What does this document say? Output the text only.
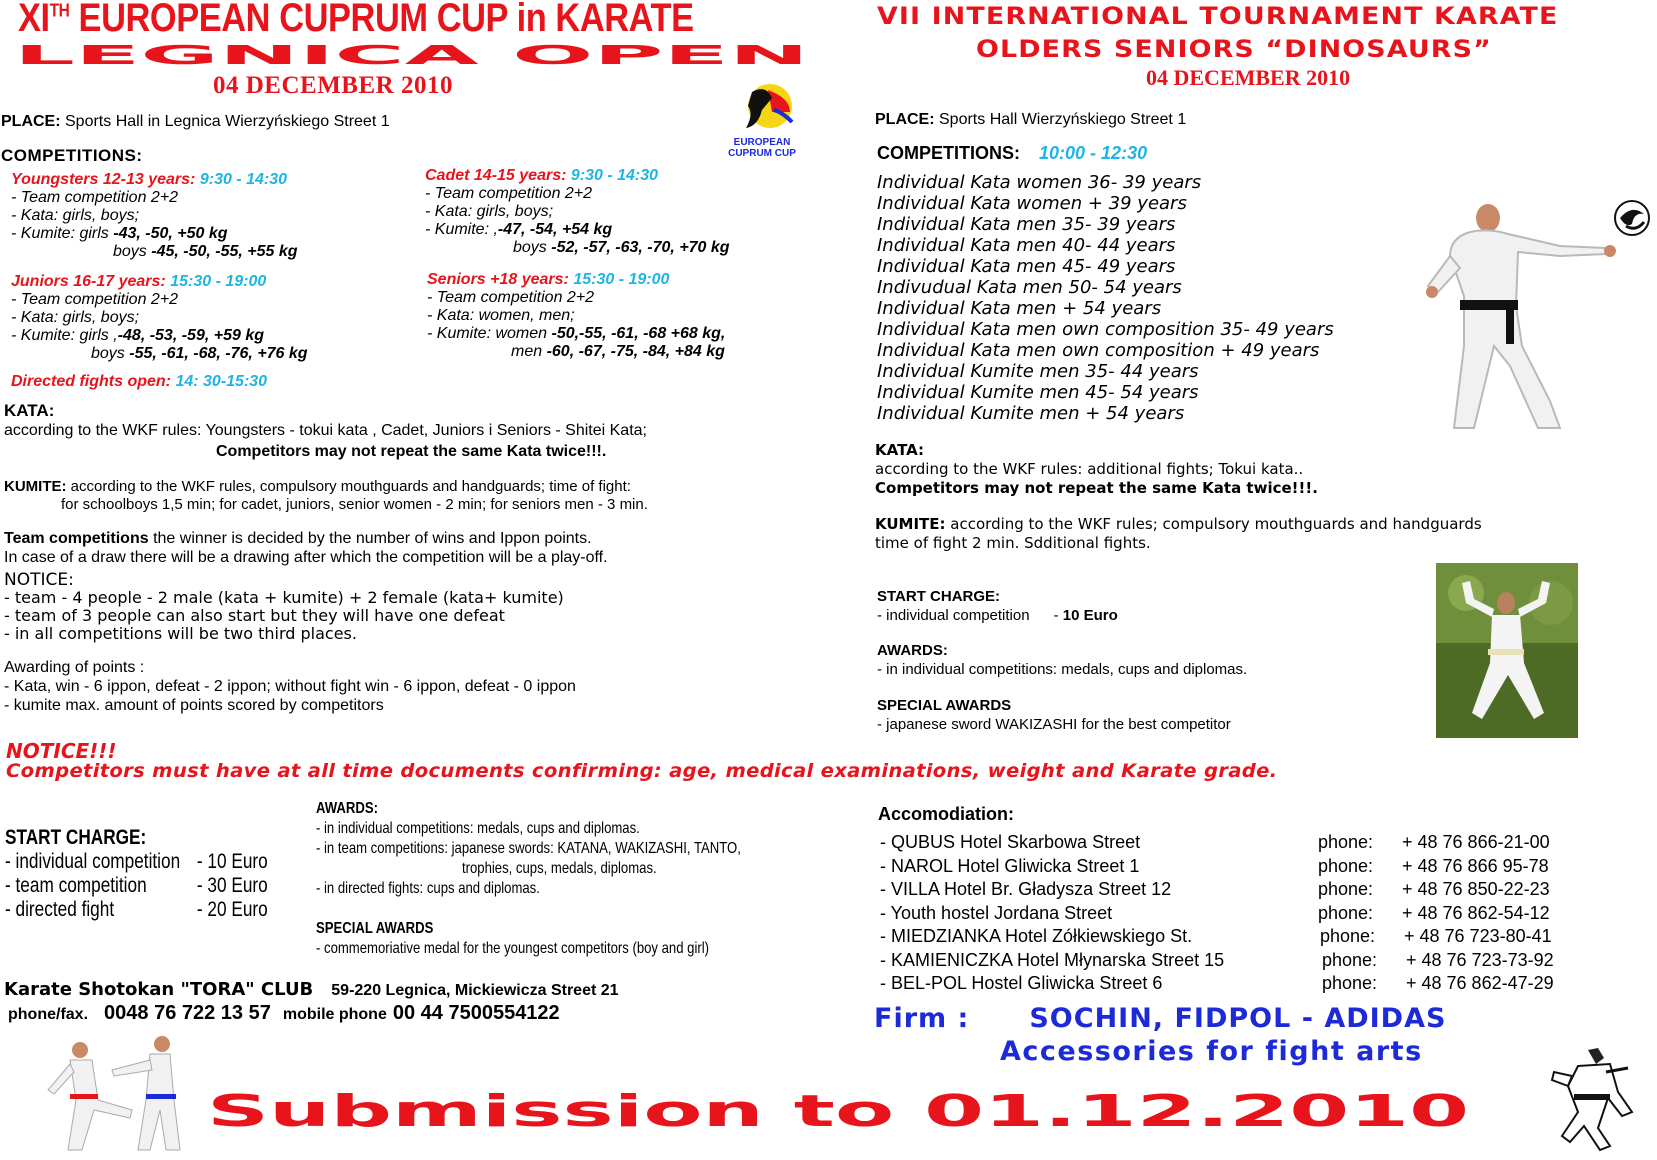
XITH EUROPEAN CUPRUM CUP in KARATE
LEGNICA OPEN
04 DECEMBER 2010
EUROPEAN
CUPRUM CUP
PLACE: Sports Hall in Legnica Wierzyńskiego Street 1
COMPETITIONS:
Youngsters 12-13 years: 9:30 - 14:30
- Team competition 2+2
- Kata: girls, boys;
- Kumite: girls -43, -50, +50 kg
boys -45, -50, -55, +55 kg
Cadet 14-15 years: 9:30 - 14:30
- Team competition 2+2
- Kata: girls, boys;
- Kumite: ,-47, -54, +54 kg
boys -52, -57, -63, -70, +70 kg
Juniors 16-17 years: 15:30 - 19:00
- Team competition 2+2
- Kata: girls, boys;
- Kumite: girls ,-48, -53, -59, +59 kg
boys -55, -61, -68, -76, +76 kg
Seniors +18 years: 15:30 - 19:00
- Team competition 2+2
- Kata: women, men;
- Kumite: women -50,-55, -61, -68 +68 kg,
men -60, -67, -75, -84, +84 kg
Directed fights open: 14: 30-15:30
KATA:
according to the WKF rules: Youngsters - tokui kata , Cadet, Juniors i Seniors - Shitei Kata;
Competitors may not repeat the same Kata twice!!!.
KUMITE: according to the WKF rules, compulsory mouthguards and handguards; time of fight:
for schoolboys 1,5 min; for cadet, juniors, senior women - 2 min; for seniors men - 3 min.
Team competitions the winner is decided by the number of wins and Ippon points.
In case of a draw there will be a drawing after which the competition will be a play-off.
NOTICE:
- team - 4 people - 2 male (kata + kumite) + 2 female (kata+ kumite)
- team of 3 people can also start but they will have one defeat
- in all competitions will be two third places.
Awarding of points :
- Kata, win - 6 ippon, defeat - 2 ippon; without fight win - 6 ippon, defeat - 0 ippon
- kumite max. amount of points scored by competitors
VII INTERNATIONAL TOURNAMENT KARATE
OLDERS SENIORS “DINOSAURS”
04 DECEMBER 2010
PLACE: Sports Hall Wierzyńskiego Street 1
COMPETITIONS: 10:00 - 12:30
Individual Kata women 36- 39 years
Individual Kata women + 39 years
Individual Kata men 35- 39 years
Individual Kata men 40- 44 years
Individual Kata men 45- 49 years
Indivudual Kata men 50- 54 years
Individual Kata men + 54 years
Individual Kata men own composition 35- 49 years
Individual Kata men own composition + 49 years
Individual Kumite men 35- 44 years
Individual Kumite men 45- 54 years
Individual Kumite men + 54 years
KATA:
according to the WKF rules: additional fights; Tokui kata..
Competitors may not repeat the same Kata twice!!!.
KUMITE: according to the WKF rules; compulsory mouthguards and handguards
time of fight 2 min. Sdditional fights.
START CHARGE:
- individual competition - 10 Euro
AWARDS:
- in individual competitions: medals, cups and diplomas.
SPECIAL AWARDS
- japanese sword WAKIZASHI for the best competitor
NOTICE!!!
Competitors must have at all time documents confirming: age, medical examinations, weight and Karate grade.
START CHARGE:
- individual competition - 10 Euro
- team competition	- 30 Euro
- directed fight	- 20 Euro
AWARDS:
- in individual competitions: medals, cups and diplomas.
- in team competitions: japanese swords: KATANA, WAKIZASHI, TANTO,
trophies, cups, medals, diplomas.
- in directed fights: cups and diplomas.
SPECIAL AWARDS
- commemoriative medal for the youngest competitors (boy and girl)
Karate Shotokan "TORA" CLUB 59-220 Legnica, Mickiewicza Street 21
phone/fax. 0048 76 722 13 57 mobile phone 00 44 7500554122
Accomodiation:
- QUBUS Hotel Skarbowa Street	phone:	+ 48 76 866-21-00
- NAROL Hotel Gliwicka Street 1	phone:	+ 48 76 866 95-78
- VILLA Hotel Br. Gładysza Street 12	phone:	+ 48 76 850-22-23
- Youth hostel Jordana Street	phone:	+ 48 76 862-54-12
- MIEDZIANKA Hotel Zółkiewskiego St.	phone:	+ 48 76 723-80-41
- KAMIENICZKA Hotel Młynarska Street 15	phone:	+ 48 76 723-73-92
- BEL-POL Hostel Gliwicka Street 6	phone:	+ 48 76 862-47-29
Firm : SOCHIN, FIDPOL - ADIDAS
Accessories for fight arts
Submission to 01.12.2010
